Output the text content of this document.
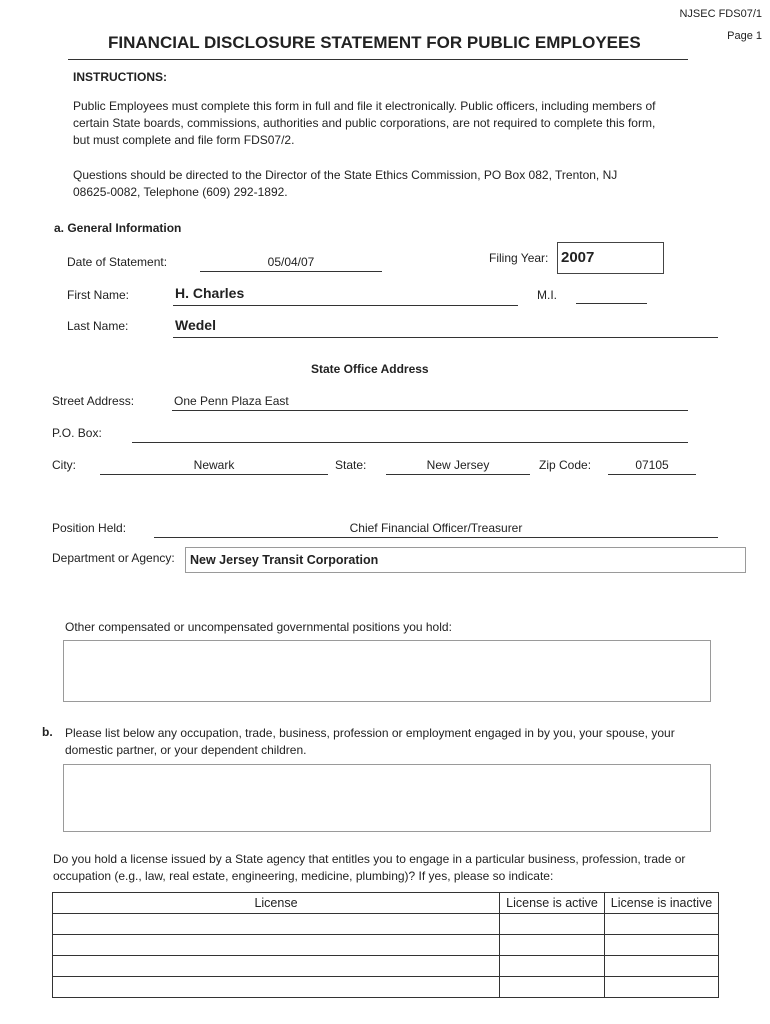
NJSEC FDS07/1
Page 1
FINANCIAL DISCLOSURE STATEMENT FOR PUBLIC EMPLOYEES
INSTRUCTIONS:
Public Employees must complete this form in full and file it electronically. Public officers, including members of
certain State boards, commissions, authorities and public corporations, are not required to complete this form,
but must complete and file form FDS07/2.
Questions should be directed to the Director of the State Ethics Commission, PO Box 082, Trenton, NJ
08625-0082, Telephone (609) 292-1892.
a. General Information
Date of Statement:	05/04/07	Filing Year: 2007
First Name:	H. Charles	M.I.
Last Name:	Wedel
State Office Address
Street Address:	One Penn Plaza East
P.O. Box:
City:	Newark	State:	New Jersey	Zip Code:	07105
Position Held:	Chief Financial Officer/Treasurer
Department or Agency: New Jersey Transit Corporation
Other compensated or uncompensated governmental positions you hold:
b. Please list below any occupation, trade, business, profession or employment engaged in by you, your spouse, your
domestic partner, or your dependent children.
Do you hold a license issued by a State agency that entitles you to engage in a particular business, profession, trade or
occupation (e.g., law, real estate, engineering, medicine, plumbing)? If yes, please so indicate:
License	License is active	License is inactive
